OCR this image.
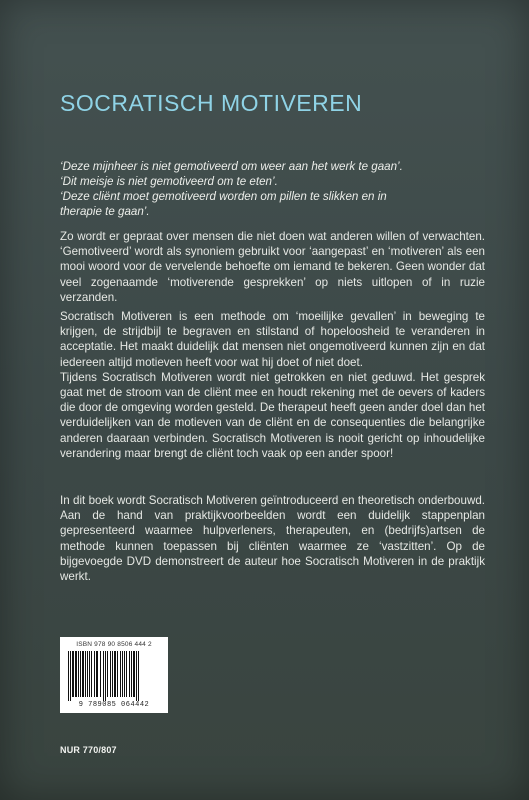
SOCRATISCH MOTIVEREN
‘Deze mijnheer is niet gemotiveerd om weer aan het werk te gaan’.
‘Dit meisje is niet gemotiveerd om te eten’.
‘Deze cliënt moet gemotiveerd worden om pillen te slikken en in
therapie te gaan’.

Zo wordt er gepraat over mensen die niet doen wat anderen willen of verwachten. ‘Gemotiveerd’ wordt als synoniem gebruikt voor ‘aangepast’ en ‘motiveren’ als een mooi woord voor de vervelende behoefte om iemand te bekeren. Geen wonder dat veel zogenaamde ‘motiverende gesprekken’ op niets uitlopen of in ruzie verzanden.

Socratisch Motiveren is een methode om ‘moeilijke gevallen’ in beweging te krijgen, de strijdbijl te begraven en stilstand of hopeloosheid te veranderen in acceptatie. Het maakt duidelijk dat mensen niet ongemotiveerd kunnen zijn en dat iedereen altijd motieven heeft voor wat hij doet of niet doet.

Tijdens Socratisch Motiveren wordt niet getrokken en niet geduwd. Het gesprek gaat met de stroom van de cliënt mee en houdt rekening met de oevers of kaders die door de omgeving worden gesteld. De therapeut heeft geen ander doel dan het verduidelijken van de motieven van de cliënt en de consequenties die belangrijke anderen daaraan verbinden. Socratisch Motiveren is nooit gericht op inhoudelijke verandering maar brengt de cliënt toch vaak op een ander spoor!

In dit boek wordt Socratisch Motiveren geïntroduceerd en theoretisch onderbouwd. Aan de hand van praktijkvoorbeelden wordt een duidelijk stappenplan gepresenteerd waarmee hulpverleners, therapeuten, en (bedrijfs)artsen de methode kunnen toepassen bij cliënten waarmee ze ‘vastzitten’. Op de bijgevoegde DVD demonstreert de auteur hoe Socratisch Motiveren in de praktijk werkt.

ISBN 978 90 8506 444 2
9 789085 064442
NUR 770/807
